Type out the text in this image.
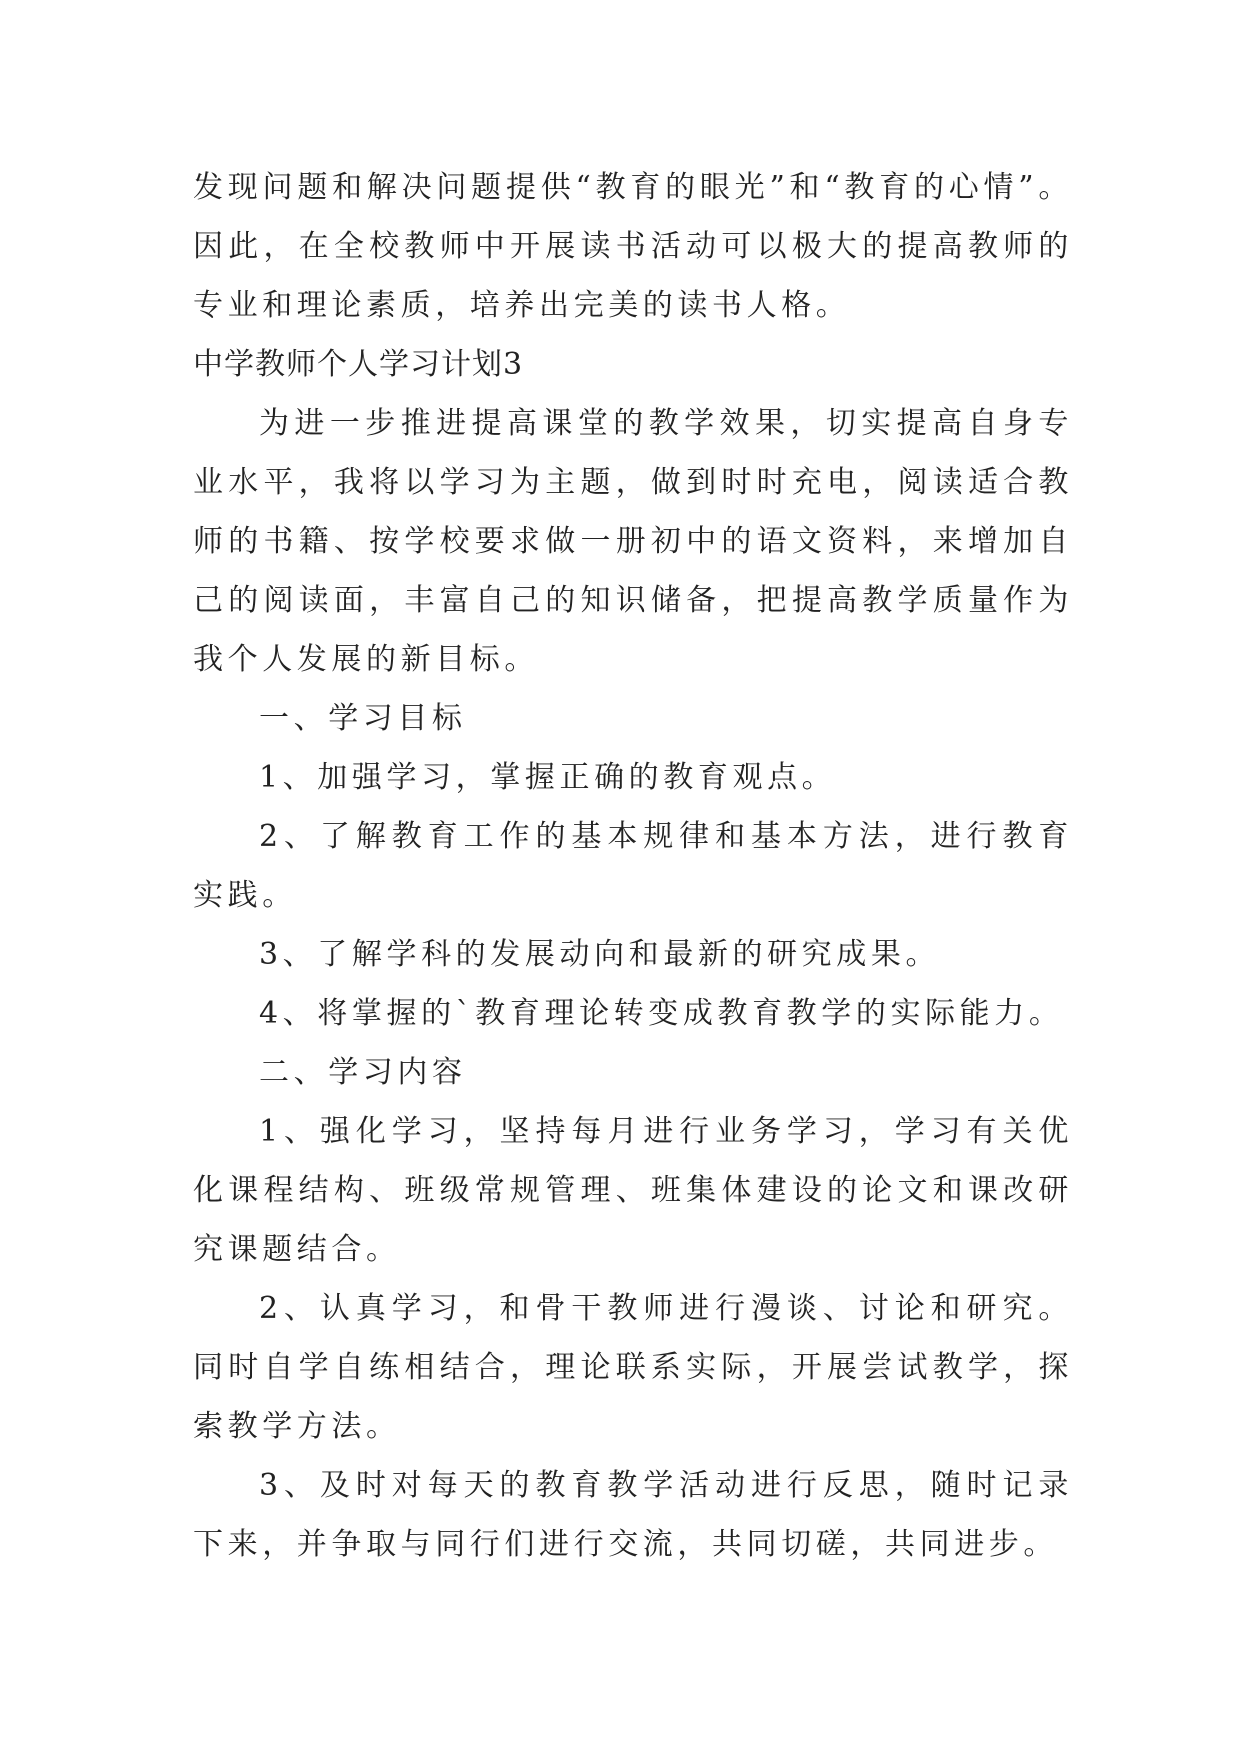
发现问题和解决问题提供“教育的眼光”和“教育的心情”。因此，在全校教师中开展读书活动可以极大的提高教师的专业和理论素质，培养出完美的读书人格。

中学教师个人学习计划3

为进一步推进提高课堂的教学效果，切实提高自身专业水平，我将以学习为主题，做到时时充电，阅读适合教师的书籍、按学校要求做一册初中的语文资料，来增加自己的阅读面，丰富自己的知识储备，把提高教学质量作为我个人发展的新目标。

一、学习目标

1、加强学习，掌握正确的教育观点。

2、了解教育工作的基本规律和基本方法，进行教育实践。

3、了解学科的发展动向和最新的研究成果。

4、将掌握的`教育理论转变成教育教学的实际能力。

二、学习内容

1、强化学习，坚持每月进行业务学习，学习有关优化课程结构、班级常规管理、班集体建设的论文和课改研究课题结合。

2、认真学习，和骨干教师进行漫谈、讨论和研究。同时自学自练相结合，理论联系实际，开展尝试教学，探索教学方法。

3、及时对每天的教育教学活动进行反思，随时记录下来，并争取与同行们进行交流，共同切磋，共同进步。
